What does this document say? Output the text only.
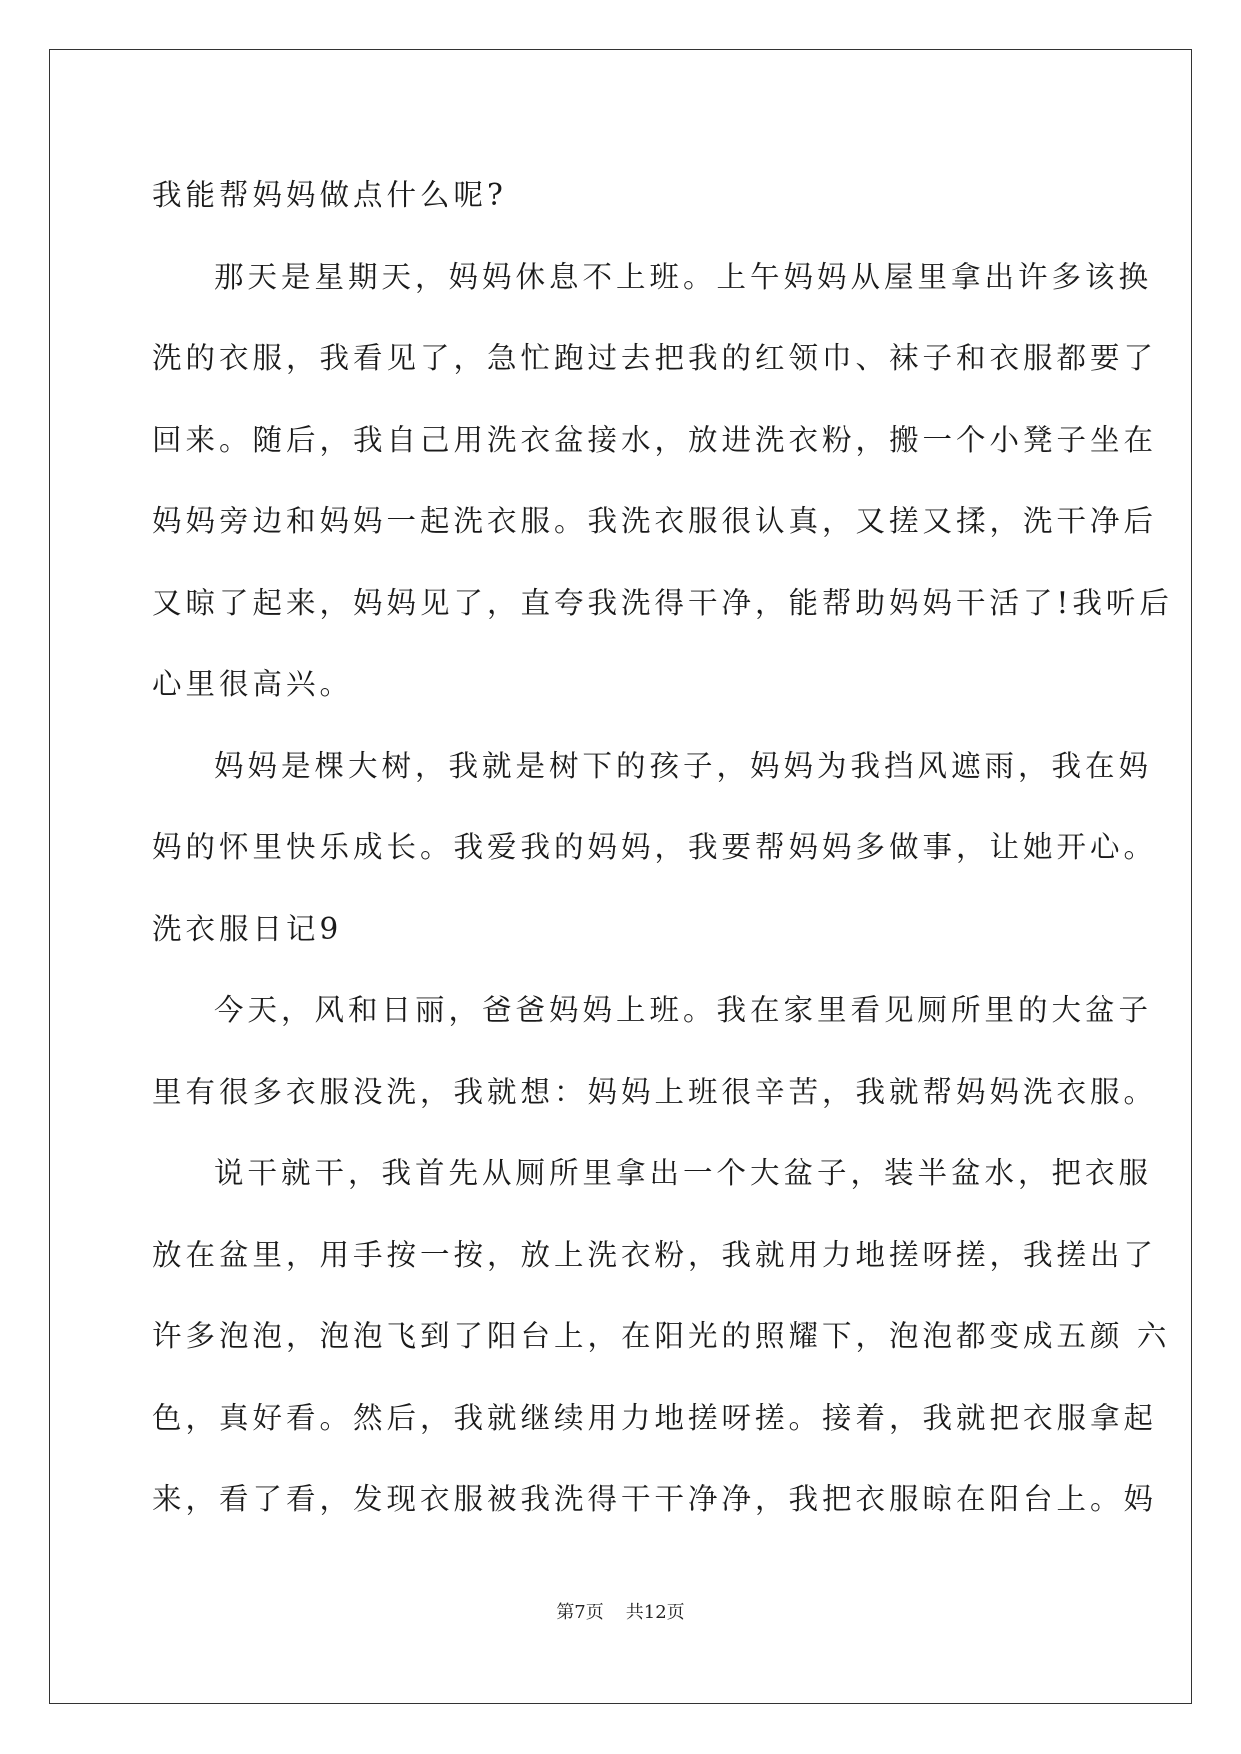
我能帮妈妈做点什么呢?
那天是星期天，妈妈休息不上班。上午妈妈从屋里拿出许多该换
洗的衣服，我看见了，急忙跑过去把我的红领巾、袜子和衣服都要了
回来。随后，我自己用洗衣盆接水，放进洗衣粉，搬一个小凳子坐在
妈妈旁边和妈妈一起洗衣服。我洗衣服很认真，又搓又揉，洗干净后
又晾了起来，妈妈见了，直夸我洗得干净，能帮助妈妈干活了!我听后
心里很高兴。
妈妈是棵大树，我就是树下的孩子，妈妈为我挡风遮雨，我在妈
妈的怀里快乐成长。我爱我的妈妈，我要帮妈妈多做事，让她开心。
洗衣服日记9
今天，风和日丽，爸爸妈妈上班。我在家里看见厕所里的大盆子
里有很多衣服没洗，我就想：妈妈上班很辛苦，我就帮妈妈洗衣服。
说干就干，我首先从厕所里拿出一个大盆子，装半盆水，把衣服
放在盆里，用手按一按，放上洗衣粉，我就用力地搓呀搓，我搓出了
许多泡泡，泡泡飞到了阳台上，在阳光的照耀下，泡泡都变成五颜 六
色，真好看。然后，我就继续用力地搓呀搓。接着，我就把衣服拿起
来，看了看，发现衣服被我洗得干干净净，我把衣服晾在阳台上。妈
第7页 共12页
